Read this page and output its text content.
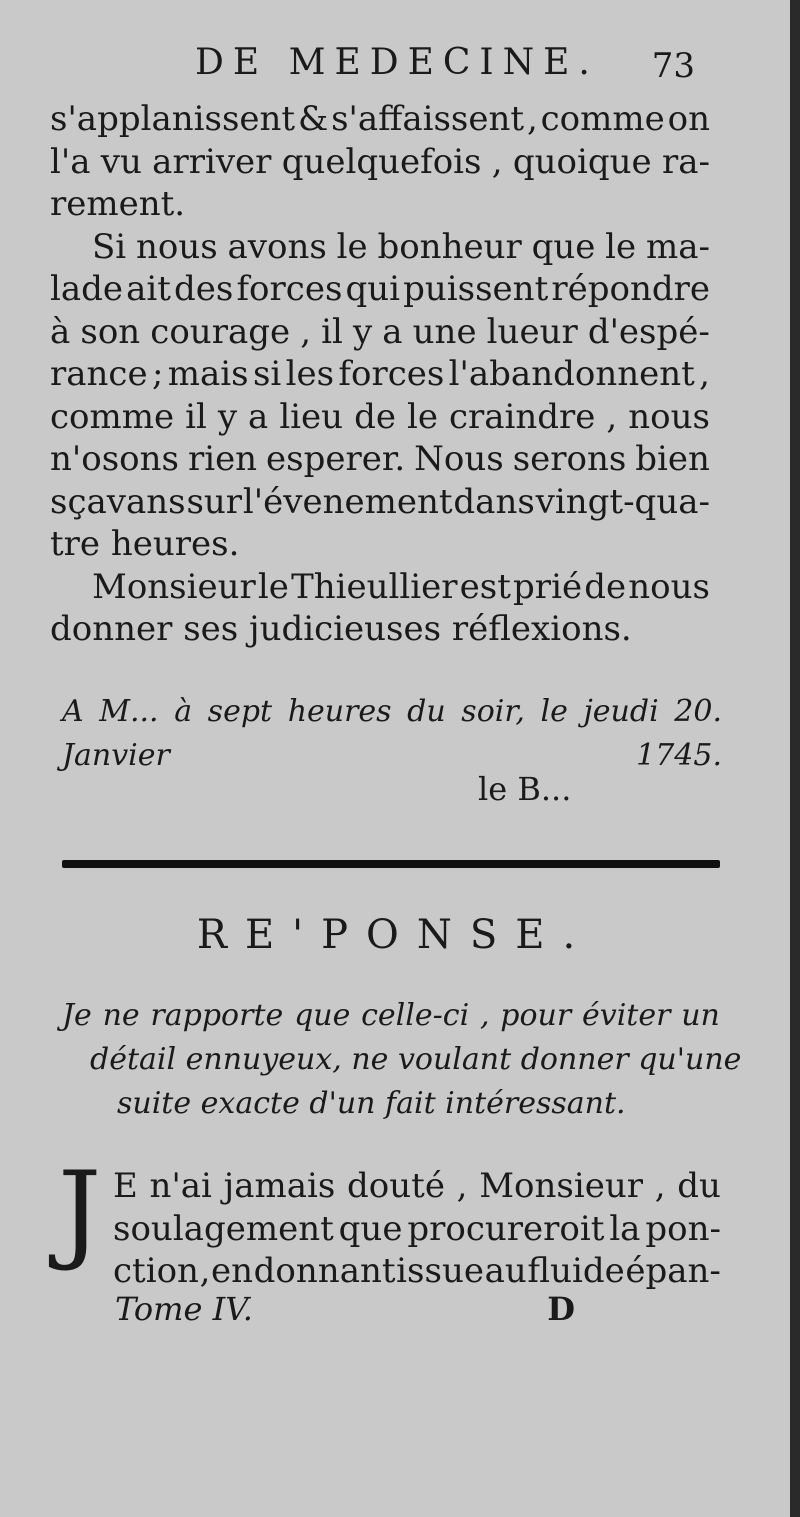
DE MEDECINE. 73
s'applanissent & s'affaissent , comme on
l'a vu arriver quelquefois , quoique ra-
rement.
Si nous avons le bonheur que le ma-
lade ait des forces qui puissent répondre
à son courage , il y a une lueur d'espé-
rance ; mais si les forces l'abandonnent ,
comme il y a lieu de le craindre , nous
n'osons rien esperer. Nous serons bien
sçavans sur l'évenement dans vingt-qua-
tre heures.
Monsieur le Thieullier est prié de nous
donner ses judicieuses réflexions.
A M... à sept heures du soir, le jeudi 20.
Janvier	1745.
le B...
RE'PONSE.
Je ne rapporte que celle-ci , pour éviter un
détail ennuyeux, ne voulant donner qu'une
suite exacte d'un fait intéressant.
J E n'ai jamais douté , Monsieur , du
soulagement que procureroit la pon-
ction , en donnant issue au fluide épan-
Tome IV.	D
